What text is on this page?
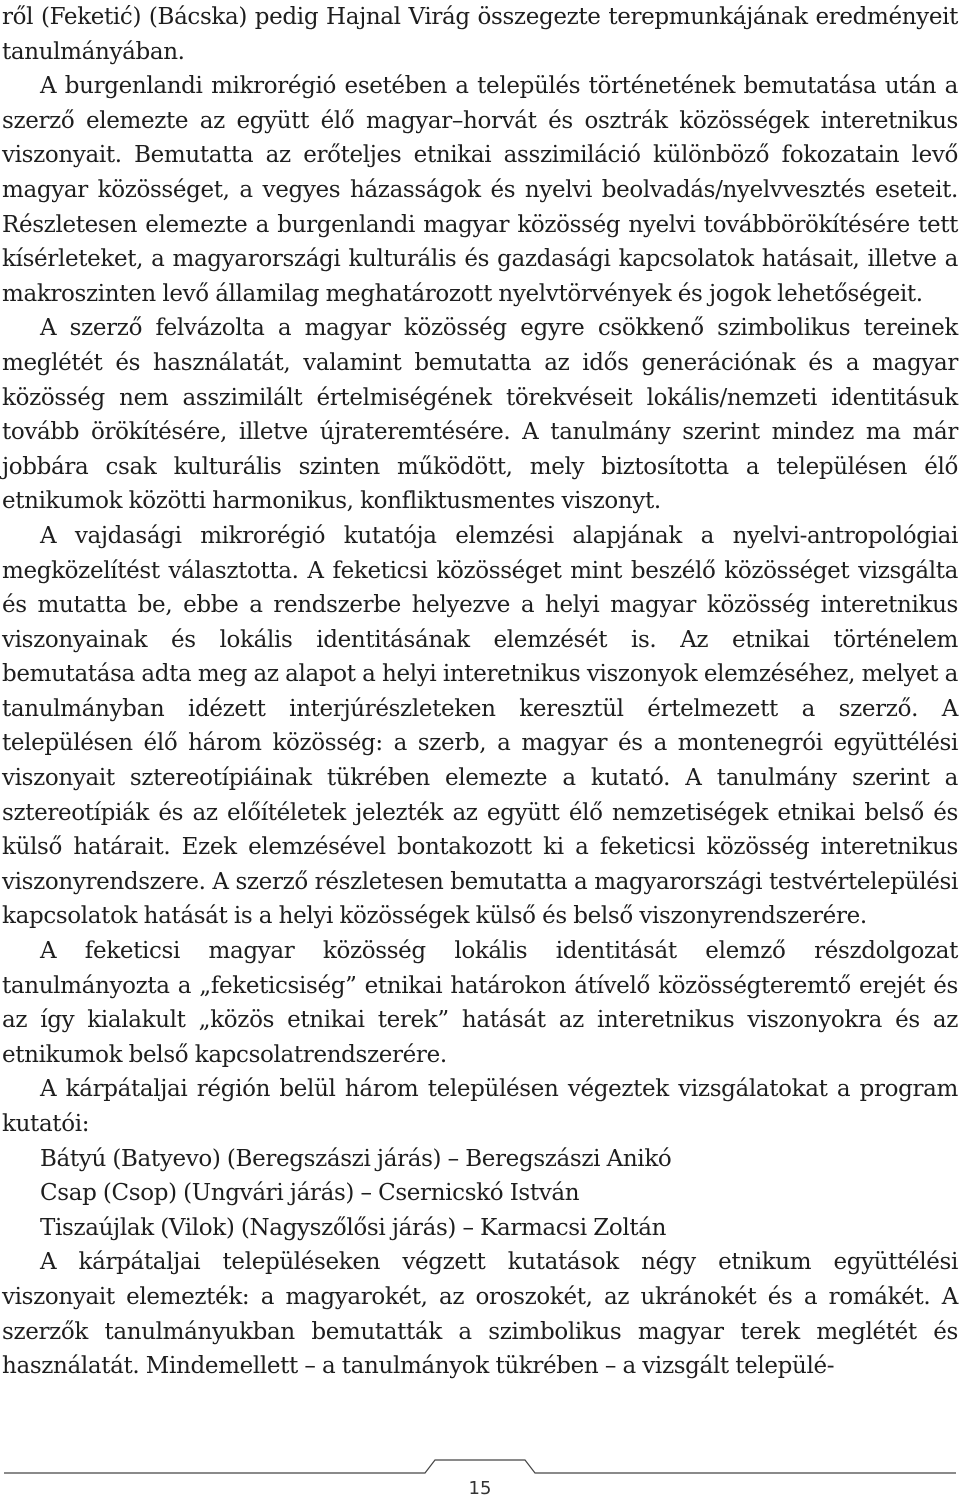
ről (Feketić) (Bácska) pedig Hajnal Virág összegezte terepmunkájának eredményeit tanulmányában.

A burgenlandi mikrorégió esetében a település történetének bemutatása után a szerző elemezte az együtt élő magyar–horvát és osztrák közösségek interetnikus viszonyait. Bemutatta az erőteljes etnikai asszimiláció különböző fokozatain levő magyar közösséget, a vegyes házasságok és nyelvi beolvadás/nyelvvesztés eseteit. Részletesen elemezte a burgenlandi magyar közösség nyelvi továbbörökítésére tett kísérleteket, a magyarországi kulturális és gazdasági kapcsolatok hatásait, illetve a makroszinten levő államilag meghatározott nyelvtörvények és jogok lehetőségeit.

A szerző felvázolta a magyar közösség egyre csökkenő szimbolikus tereinek meglétét és használatát, valamint bemutatta az idős generációnak és a magyar közösség nem asszimilált értelmiségének törekvéseit lokális/nemzeti identitásuk tovább örökítésére, illetve újrateremtésére. A tanulmány szerint mindez ma már jobbára csak kulturális szinten működött, mely biztosította a településen élő etnikumok közötti harmonikus, konfliktusmentes viszonyt.

A vajdasági mikrorégió kutatója elemzési alapjának a nyelvi-antropológiai megközelítést választotta. A feketicsi közösséget mint beszélő közösséget vizsgálta és mutatta be, ebbe a rendszerbe helyezve a helyi magyar közösség interetnikus viszonyainak és lokális identitásának elemzését is. Az etnikai történelem bemutatása adta meg az alapot a helyi interetnikus viszonyok elemzéséhez, melyet a tanulmányban idézett interjúrészleteken keresztül értelmezett a szerző. A településen élő három közösség: a szerb, a magyar és a montenegrói együttélési viszonyait sztereotípiáinak tükrében elemezte a kutató. A tanulmány szerint a sztereotípiák és az előítéletek jelezték az együtt élő nemzetiségek etnikai belső és külső határait. Ezek elemzésével bontakozott ki a feketicsi közösség interetnikus viszonyrendszere. A szerző részletesen bemutatta a magyarországi testvértelepülési kapcsolatok hatását is a helyi közösségek külső és belső viszonyrendszerére.

A feketicsi magyar közösség lokális identitását elemző részdolgozat tanulmányozta a „feketicsiség” etnikai határokon átívelő közösségteremtő erejét és az így kialakult „közös etnikai terek” hatását az interetnikus viszonyokra és az etnikumok belső kapcsolatrendszerére.

A kárpátaljai régión belül három településen végeztek vizsgálatokat a program kutatói:

Bátyú (Batyevo) (Beregszászi járás) – Beregszászi Anikó
Csap (Csop) (Ungvári járás) – Csernicskó István
Tiszaújlak (Vilok) (Nagyszőlősi járás) – Karmacsi Zoltán

A kárpátaljai településeken végzett kutatások négy etnikum együttélési viszonyait elemezték: a magyarokét, az oroszokét, az ukránokét és a romákét. A szerzők tanulmányukban bemutatták a szimbolikus magyar terek meglétét és használatát. Mindemellett – a tanulmányok tükrében – a vizsgált települé-

15
